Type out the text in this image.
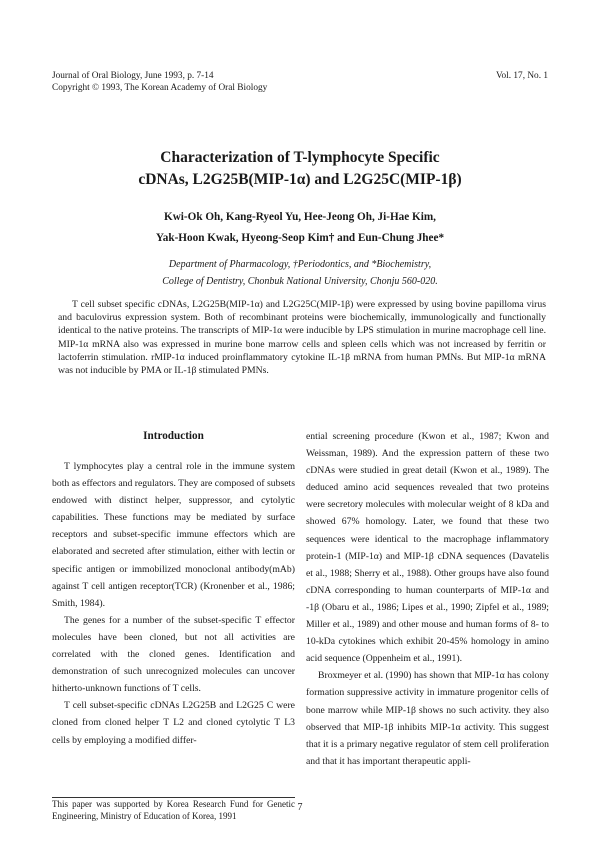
Journal of Oral Biology, June 1993, p. 7-14
Copyright © 1993, The Korean Academy of Oral Biology
Vol. 17, No. 1
Characterization of T-lymphocyte Specific
cDNAs, L2G25B(MIP-1α) and L2G25C(MIP-1β)
Kwi-Ok Oh, Kang-Ryeol Yu, Hee-Jeong Oh, Ji-Hae Kim,
Yak-Hoon Kwak, Hyeong-Seop Kim† and Eun-Chung Jhee*
Department of Pharmacology, †Periodontics, and *Biochemistry,
College of Dentistry, Chonbuk National University, Chonju 560-020.

T cell subset specific cDNAs, L2G25B(MIP-1α) and L2G25C(MIP-1β) were expressed by using bovine papilloma virus and baculovirus expression system. Both of recombinant proteins were biochemically, immunologically and functionally identical to the native proteins. The transcripts of MIP-1α were inducible by LPS stimulation in murine macrophage cell line. MIP-1α mRNA also was expressed in murine bone marrow cells and spleen cells which was not increased by ferritin or lactoferrin stimulation. rMIP-1α induced proinflammatory cytokine IL-1β mRNA from human PMNs. But MIP-1α mRNA was not inducible by PMA or IL-1β stimulated PMNs.

Introduction

T lymphocytes play a central role in the immune system both as effectors and regulators. They are composed of subsets endowed with distinct helper, suppressor, and cytolytic capabilities. These functions may be mediated by surface receptors and subset-specific immune effectors which are elaborated and secreted after stimulation, either with lectin or specific antigen or immobilized monoclonal antibody(mAb) against T cell antigen receptor(TCR) (Kronenber et al., 1986; Smith, 1984).

The genes for a number of the subset-specific T effector molecules have been cloned, but not all activities are correlated with the cloned genes. Identification and demonstration of such unrecognized molecules can uncover hitherto-unknown functions of T cells.

T cell subset-specific cDNAs L2G25B and L2G25 C were cloned from cloned helper T L2 and cloned cytolytic T L3 cells by employing a modified differ-

ential screening procedure (Kwon et al., 1987; Kwon and Weissman, 1989). And the expression pattern of these two cDNAs were studied in great detail (Kwon et al., 1989). The deduced amino acid sequences revealed that two proteins were secretory molecules with molecular weight of 8 kDa and showed 67% homology. Later, we found that these two sequences were identical to the macrophage inflammatory protein-1 (MIP-1α) and MIP-1β cDNA sequences (Davatelis et al., 1988; Sherry et al., 1988). Other groups have also found cDNA corresponding to human counterparts of MIP-1α and -1β (Obaru et al., 1986; Lipes et al., 1990; Zipfel et al., 1989; Miller et al., 1989) and other mouse and human forms of 8- to 10-kDa cytokines which exhibit 20-45% homology in amino acid sequence (Oppenheim et al., 1991).

Broxmeyer et al. (1990) has shown that MIP-1α has colony formation suppressive activity in immature progenitor cells of bone marrow while MIP-1β shows no such activity. they also observed that MIP-1β inhibits MIP-1α activity. This suggest that it is a primary negative regulator of stem cell proliferation and that it has important therapeutic appli-

This paper was supported by Korea Research Fund for Genetic Engineering, Ministry of Education of Korea, 1991
7
